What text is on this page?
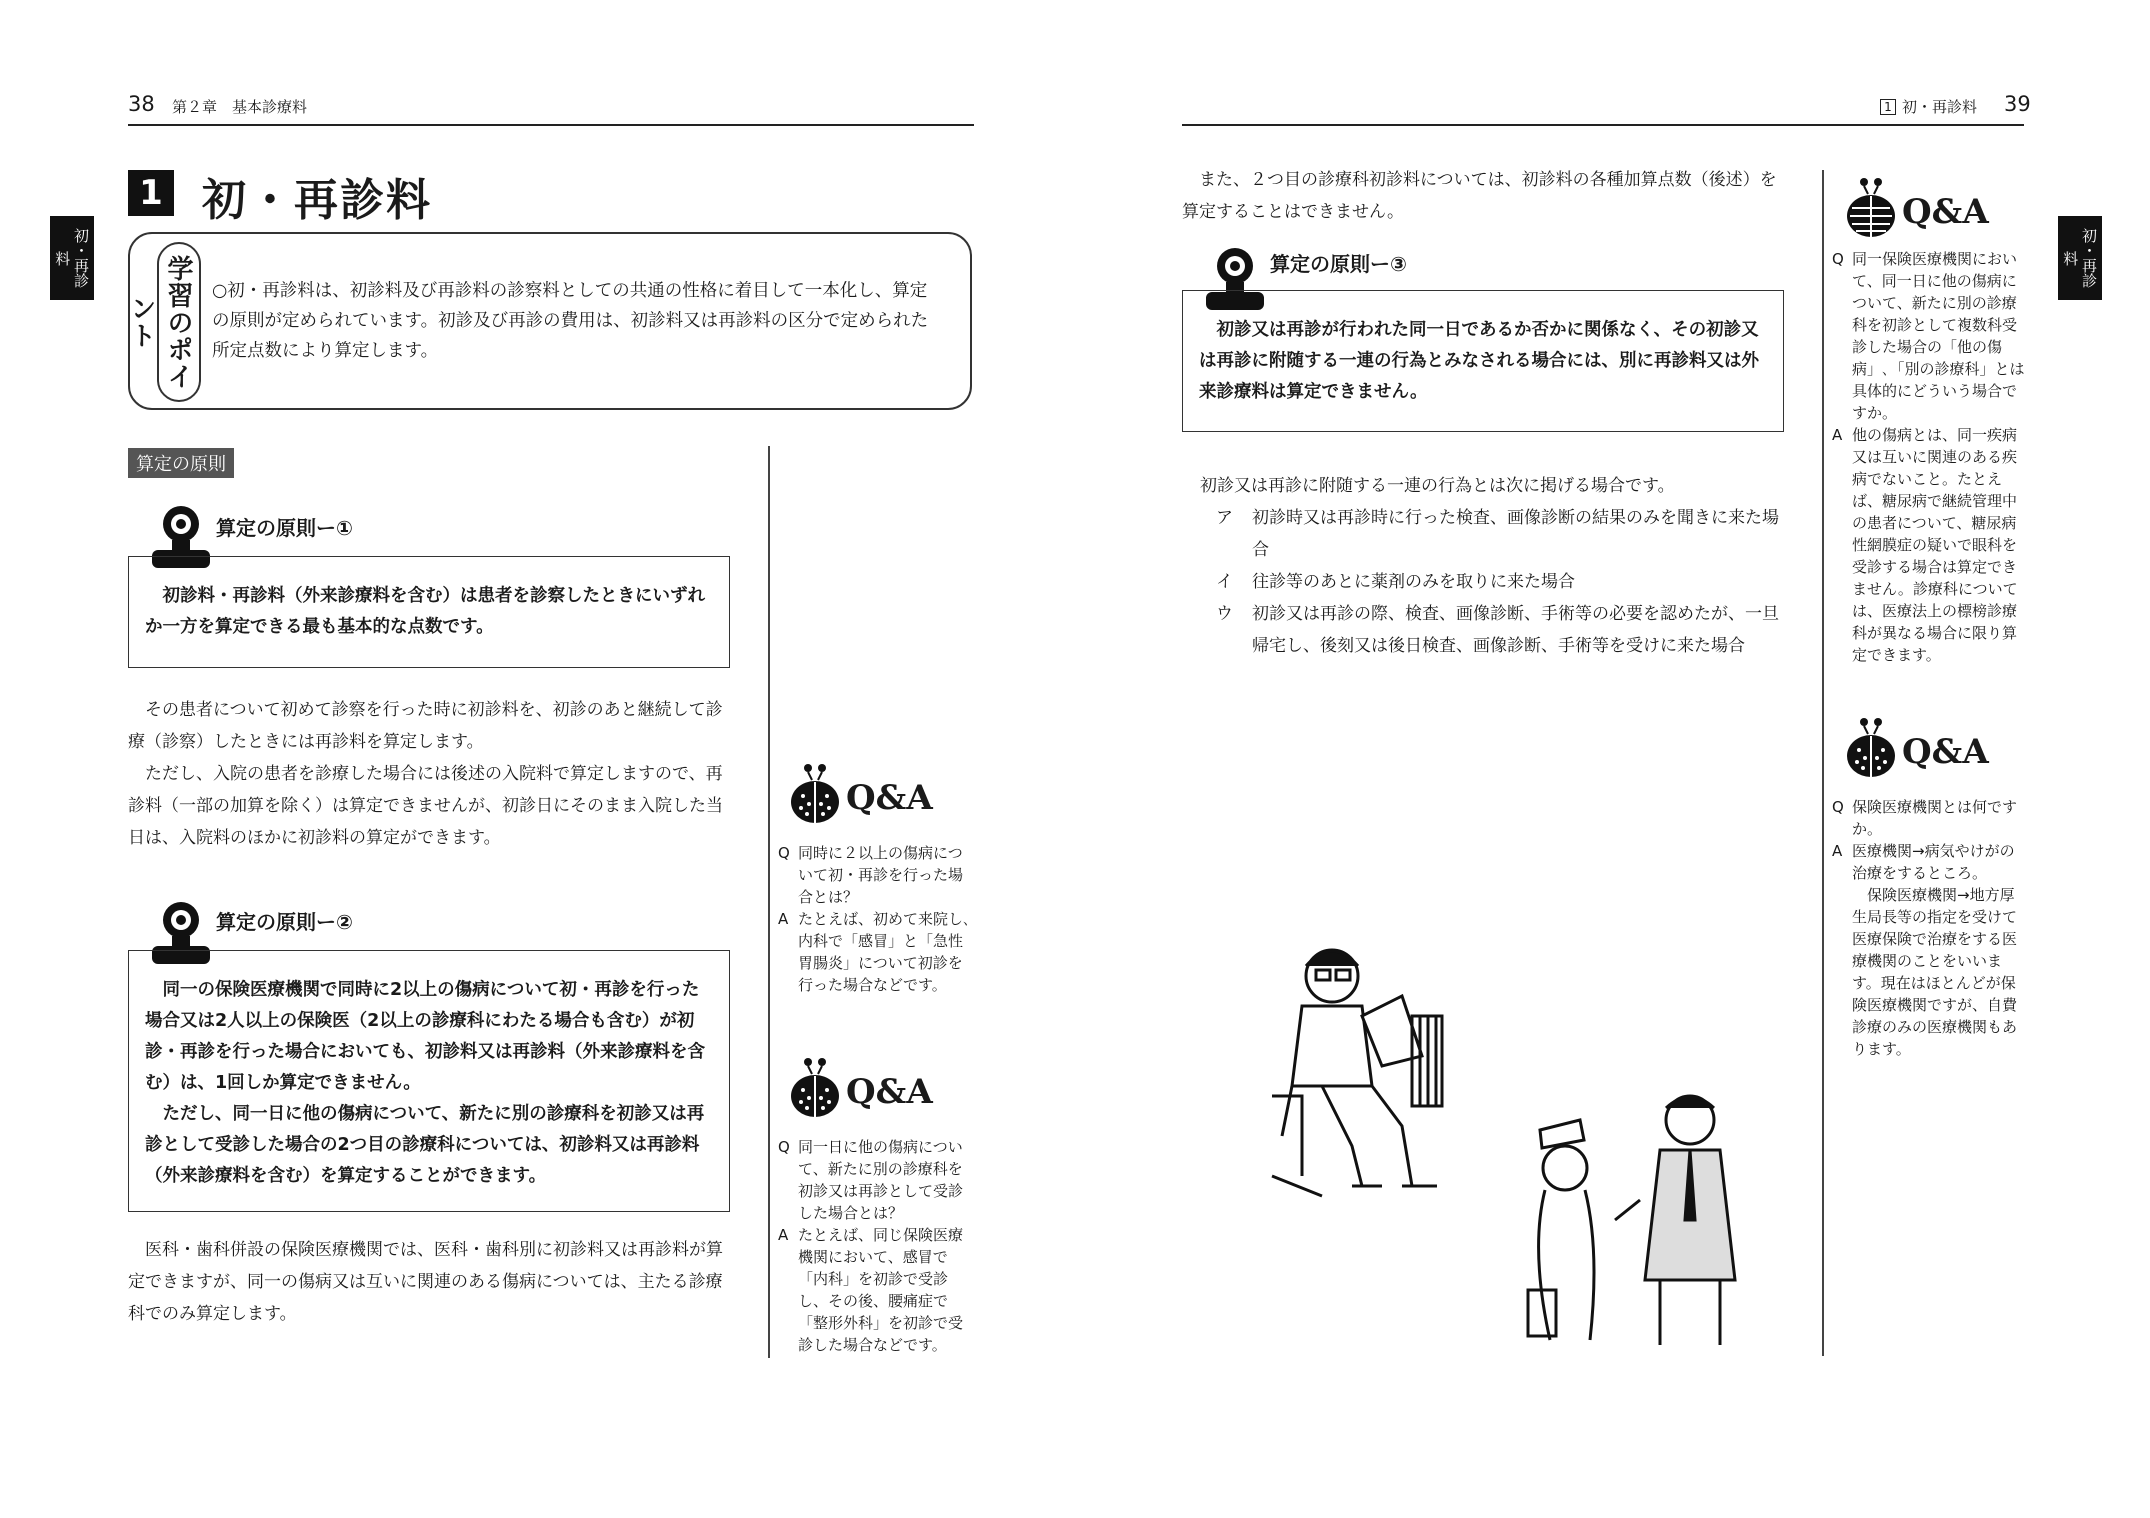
38 第２章　基本診療料
初・再診料
1 初・再診料
学習のポイント
○初・再診料は、初診料及び再診料の診察料としての共通の性格に着目して一本化し、算定の原則が定められています。初診及び再診の費用は、初診料又は再診料の区分で定められた所定点数により算定します。
算定の原則
算定の原則ー①
初診料・再診料（外来診療料を含む）は患者を診察したときにいずれか一方を算定できる最も基本的な点数です。

その患者について初めて診察を行った時に初診料を、初診のあと継続して診療（診察）したときには再診料を算定します。

ただし、入院の患者を診療した場合には後述の入院料で算定しますので、再診料（一部の加算を除く）は算定できませんが、初診日にそのまま入院した当日は、入院料のほかに初診料の算定ができます。

算定の原則ー②
同一の保険医療機関で同時に2以上の傷病について初・再診を行った場合又は2人以上の保険医（2以上の診療科にわたる場合も含む）が初診・再診を行った場合においても、初診料又は再診料（外来診療料を含む）は、1回しか算定できません。
ただし、同一日に他の傷病について、新たに別の診療科を初診又は再診として受診した場合の2つ目の診療科については、初診料又は再診料（外来診療料を含む）を算定することができます。
医科・歯科併設の保険医療機関では、医科・歯科別に初診料又は再診料が算定できますが、同一の傷病又は互いに関連のある傷病については、主たる診療科でのみ算定します。
Q&A
Q 同時に２以上の傷病について初・再診を行った場合とは？
A たとえば、初めて来院し､内科で「感冒」と「急性胃腸炎」について初診を行った場合などです。
Q&A
Q 同一日に他の傷病について、新たに別の診療科を初診又は再診として受診した場合とは？
A たとえば、同じ保険医療機関において、感冒で「内科」を初診で受診し、その後、腰痛症で「整形外科」を初診で受診した場合などです。
1 初・再診料 39
初・再診料
また、２つ目の診療科初診料については、初診料の各種加算点数（後述）を算定することはできません。
算定の原則ー③
初診又は再診が行われた同一日であるか否かに関係なく、その初診又は再診に附随する一連の行為とみなされる場合には、別に再診料又は外来診療料は算定できません。
初診又は再診に附随する一連の行為とは次に掲げる場合です。
ア	初診時又は再診時に行った検査、画像診断の結果のみを聞きに来た場合
イ	往診等のあとに薬剤のみを取りに来た場合
ウ	初診又は再診の際、検査、画像診断、手術等の必要を認めたが、一旦帰宅し、後刻又は後日検査、画像診断、手術等を受けに来た場合
Q&A
Q 同一保険医療機関において、同一日に他の傷病について、新たに別の診療科を初診として複数科受診した場合の「他の傷病」､「別の診療科」とは具体的にどういう場合ですか。
A 他の傷病とは、同一疾病又は互いに関連のある疾病でないこと。たとえば、糖尿病で継続管理中の患者について、糖尿病性網膜症の疑いで眼科を受診する場合は算定できません。診療科については、医療法上の標榜診療科が異なる場合に限り算定できます。
Q&A
Q 保険医療機関とは何ですか。
A 医療機関→病気やけがの治療をするところ。
保険医療機関→地方厚生局長等の指定を受けて医療保険で治療をする医療機関のことをいいます。現在はほとんどが保険医療機関ですが、自費診療のみの医療機関もあります。
